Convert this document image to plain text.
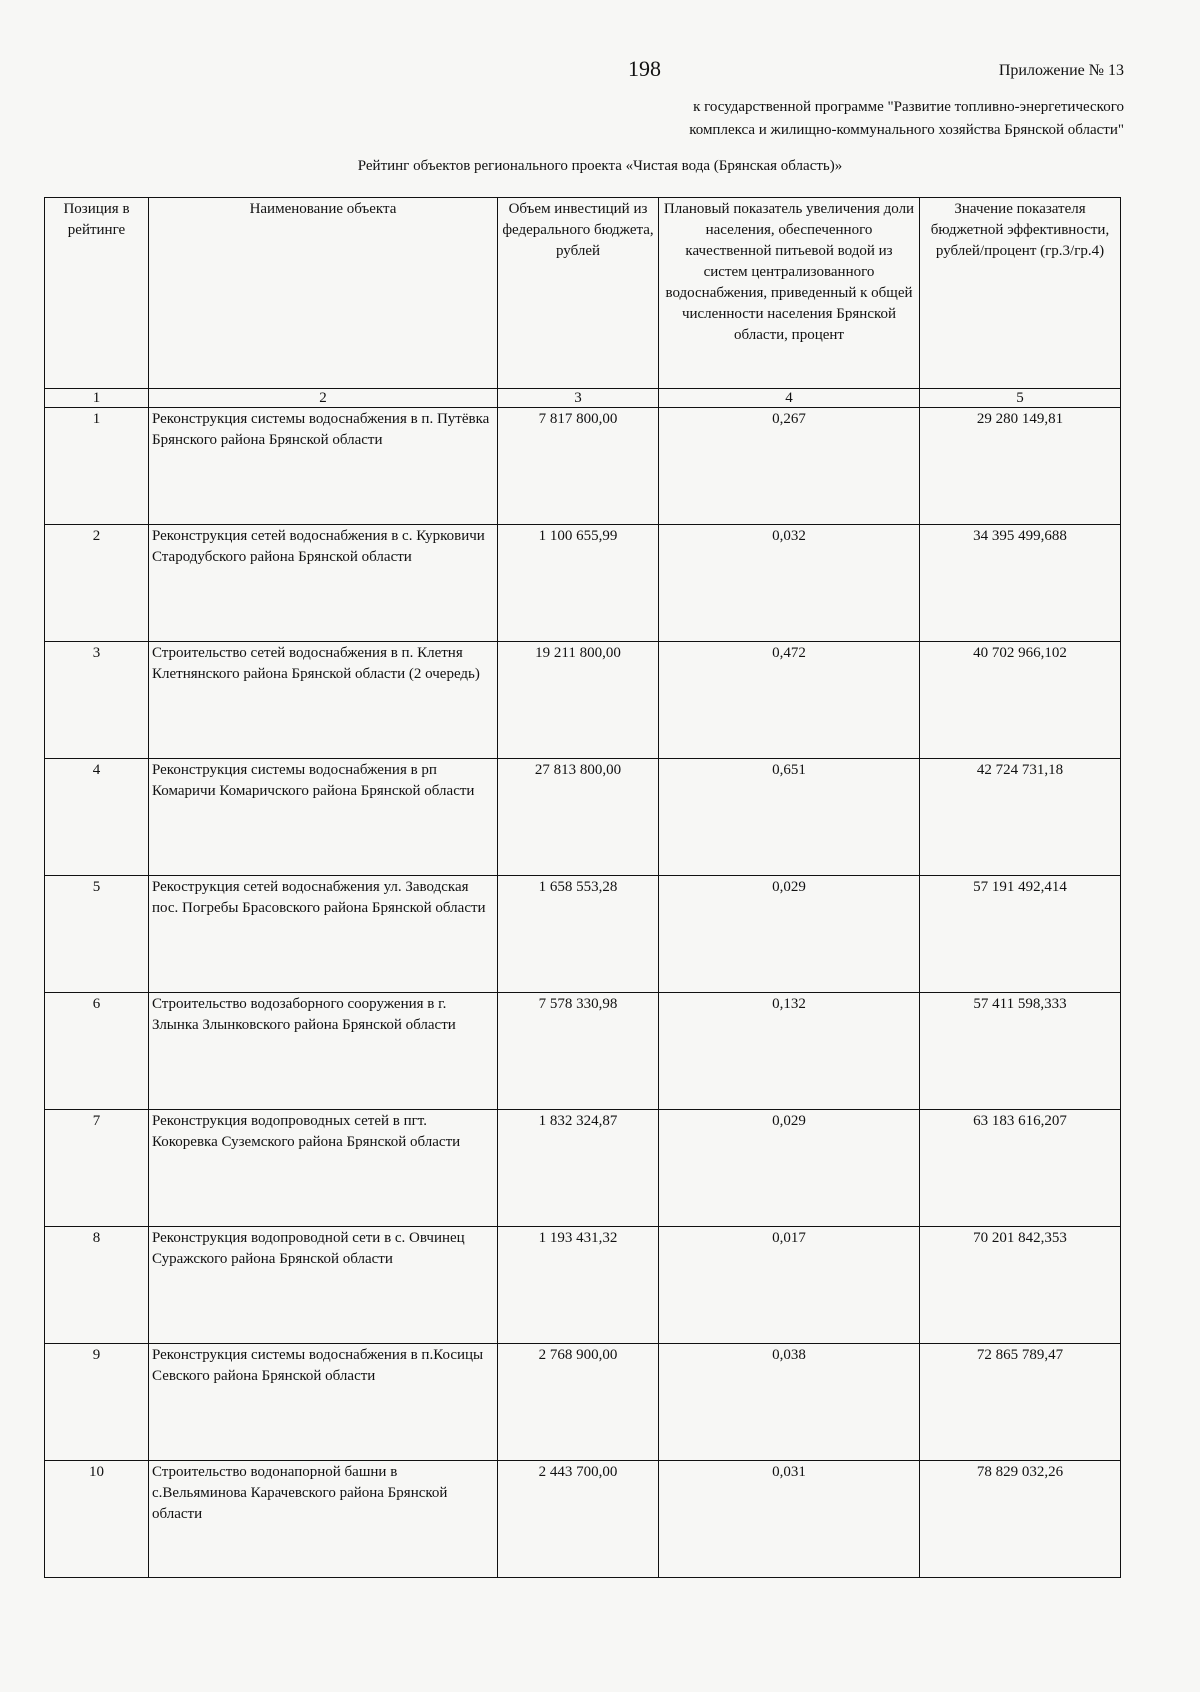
198	Приложение № 13
к государственной программе "Развитие топливно-энергетического
комплекса и жилищно-коммунального хозяйства Брянской области"
Рейтинг объектов регионального проекта «Чистая вода (Брянская область)»
Позиция в рейтинге	Наименование объекта	Объем инвестиций из федерального бюджета, рублей	Плановый показатель увеличения доли населения, обеспеченного качественной питьевой водой из систем централизованного водоснабжения, приведенный к общей численности населения Брянской области, процент	Значение показателя бюджетной эффективности, рублей/процент (гр.3/гр.4)
1	2	3	4	5
1	Реконструкция системы водоснабжения в п. Путёвка Брянского района Брянской области	7 817 800,00	0,267	29 280 149,81
2	Реконструкция сетей водоснабжения в с. Курковичи Стародубского района Брянской области	1 100 655,99	0,032	34 395 499,688
3	Строительство сетей водоснабжения в п. Клетня Клетнянского района Брянской области (2 очередь)	19 211 800,00	0,472	40 702 966,102
4	Реконструкция системы водоснабжения в рп Комаричи Комаричского района Брянской области	27 813 800,00	0,651	42 724 731,18
5	Рекострукция сетей водоснабжения ул. Заводская пос. Погребы Брасовского района Брянской области	1 658 553,28	0,029	57 191 492,414
6	Строительство водозаборного сооружения в г. Злынка Злынковского района Брянской области	7 578 330,98	0,132	57 411 598,333
7	Реконструкция водопроводных сетей в пгт. Кокоревка Суземского района Брянской области	1 832 324,87	0,029	63 183 616,207
8	Реконструкция водопроводной сети в с. Овчинец Суражского района Брянской области	1 193 431,32	0,017	70 201 842,353
9	Реконструкция системы водоснабжения в п.Косицы Севского района Брянской области	2 768 900,00	0,038	72 865 789,47
10	Строительство водонапорной башни в с.Вельяминова Карачевского района Брянской области	2 443 700,00	0,031	78 829 032,26
